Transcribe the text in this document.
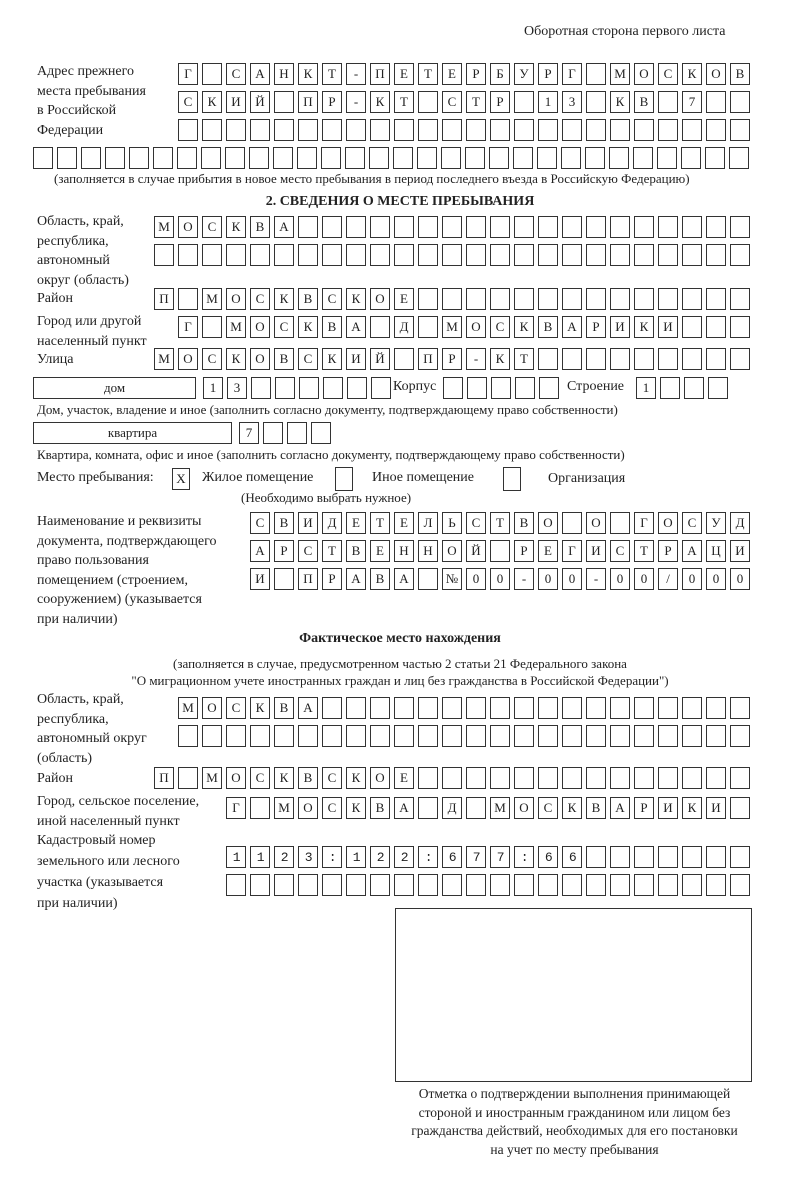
Оборотная сторона первого листа
Адрес прежнего
места пребывания
в Российской
Федерации
Г	С	А	Н	К	Т	-	П	Е	Т	Е	Р	Б	У	Р	Г	М	О	С	К	О	В
С	К	И	Й	П	Р	-	К	Т	С	Т	Р	1	3	К	В	7
(заполняется в случае прибытия в новое место пребывания в период последнего въезда в Российскую Федерацию)
2. СВЕДЕНИЯ О МЕСТЕ ПРЕБЫВАНИЯ
Область, край,
республика,
автономный
округ (область)
М	О	С	К	В	А
Район	П	М	О	С	К	В	С	К	О	Е
Город или другой
населенный пункт
Г	М	О	С	К	В	А	Д	М	О	С	К	В	А	Р	И	К	И
Улица	М	О	С	К	О	В	С	К	И	Й	П	Р	-	К	Т
дом	1	3	Корпус	Строение	1
Дом, участок, владение и иное (заполнить согласно документу, подтверждающему право собственности)
квартира	7
Квартира, комната, офис и иное (заполнить согласно документу, подтверждающему право собственности)
Место пребывания:	X	Жилое помещение	Иное помещение	Организация
(Необходимо выбрать нужное)
Наименование и реквизиты
документа, подтверждающего
право пользования
помещением (строением,
сооружением) (указывается
при наличии)
С	В	И	Д	Е	Т	Е	Л	Ь	С	Т	В	О	О	Г	О	С	У	Д
А	Р	С	Т	В	Е	Н	Н	О	Й	Р	Е	Г	И	С	Т	Р	А	Ц	И
И	П	Р	А	В	А	№	0	0	-	0	0	-	0	0	/	0	0	0
Фактическое место нахождения
(заполняется в случае, предусмотренном частью 2 статьи 21 Федерального закона
"О миграционном учете иностранных граждан и лиц без гражданства в Российской Федерации")
Область, край,
республика,
автономный округ
(область)
М	О	С	К	В	А
Район	П	М	О	С	К	В	С	К	О	Е
Город, сельское поселение,
иной населенный пункт
Г	М	О	С	К	В	А	Д	М	О	С	К	В	А	Р	И	К	И
Кадастровый номер
земельного или лесного
участка (указывается
при наличии)
1123:122:677:66
Отметка о подтверждении выполнения принимающей
стороной и иностранным гражданином или лицом без
гражданства действий, необходимых для его постановки
на учет по месту пребывания
